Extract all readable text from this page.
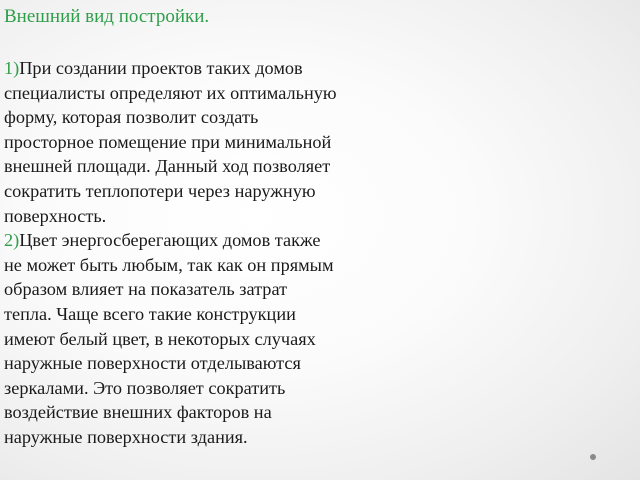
Внешний вид постройки.

1)При создании проектов таких домов
специалисты определяют их оптимальную
форму, которая позволит создать
просторное помещение при минимальной
внешней площади. Данный ход позволяет
сократить теплопотери через наружную
поверхность.

2)Цвет энергосберегающих домов также
не может быть любым, так как он прямым
образом влияет на показатель затрат
тепла. Чаще всего такие конструкции
имеют белый цвет, в некоторых случаях
наружные поверхности отделываются
зеркалами. Это позволяет сократить
воздействие внешних факторов на
наружные поверхности здания.
